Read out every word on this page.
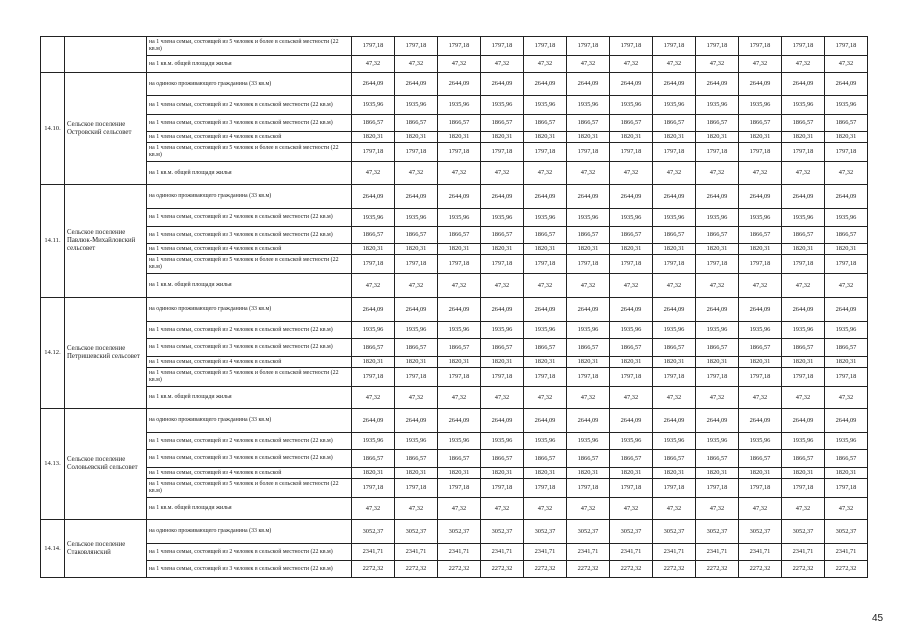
		на 1 члена семьи, состоящей из 5 человек и более в сельской местности (22 кв.м)	1797,18	1797,18	1797,18	1797,18	1797,18	1797,18	1797,18	1797,18	1797,18	1797,18	1797,18	1797,18
		на 1 кв.м. общей площади жилья	47,32	47,32	47,32	47,32	47,32	47,32	47,32	47,32	47,32	47,32	47,32	47,32
14.10.	Сельское поселение Островский сельсовет	на одиноко проживающего гражданина (33 кв.м)	2644,09	2644,09	2644,09	2644,09	2644,09	2644,09	2644,09	2644,09	2644,09	2644,09	2644,09	2644,09
		на 1 члена семьи, состоящей из 2 человек в сельской местности (22 кв.м)	1935,96	1935,96	1935,96	1935,96	1935,96	1935,96	1935,96	1935,96	1935,96	1935,96	1935,96	1935,96
		на 1 члена семьи, состоящей из 3 человек в сельской местности (22 кв.м)	1866,57	1866,57	1866,57	1866,57	1866,57	1866,57	1866,57	1866,57	1866,57	1866,57	1866,57	1866,57
		на 1 члена семьи, состоящей из 4 человек в сельской	1820,31	1820,31	1820,31	1820,31	1820,31	1820,31	1820,31	1820,31	1820,31	1820,31	1820,31	1820,31
		на 1 члена семьи, состоящей из 5 человек и более в сельской местности (22 кв.м)	1797,18	1797,18	1797,18	1797,18	1797,18	1797,18	1797,18	1797,18	1797,18	1797,18	1797,18	1797,18
		на 1 кв.м. общей площади жилья	47,32	47,32	47,32	47,32	47,32	47,32	47,32	47,32	47,32	47,32	47,32	47,32
14.11.	Сельское поселение Павлюк-Михайловский сельсовет	на одиноко проживающего гражданина (33 кв.м)	2644,09	2644,09	2644,09	2644,09	2644,09	2644,09	2644,09	2644,09	2644,09	2644,09	2644,09	2644,09
		на 1 члена семьи, состоящей из 2 человек в сельской местности (22 кв.м)	1935,96	1935,96	1935,96	1935,96	1935,96	1935,96	1935,96	1935,96	1935,96	1935,96	1935,96	1935,96
		на 1 члена семьи, состоящей из 3 человек в сельской местности (22 кв.м)	1866,57	1866,57	1866,57	1866,57	1866,57	1866,57	1866,57	1866,57	1866,57	1866,57	1866,57	1866,57
		на 1 члена семьи, состоящей из 4 человек в сельской	1820,31	1820,31	1820,31	1820,31	1820,31	1820,31	1820,31	1820,31	1820,31	1820,31	1820,31	1820,31
		на 1 члена семьи, состоящей из 5 человек и более в сельской местности (22 кв.м)	1797,18	1797,18	1797,18	1797,18	1797,18	1797,18	1797,18	1797,18	1797,18	1797,18	1797,18	1797,18
		на 1 кв.м. общей площади жилья	47,32	47,32	47,32	47,32	47,32	47,32	47,32	47,32	47,32	47,32	47,32	47,32
14.12.	Сельское поселение Петришевский сельсовет	на одиноко проживающего гражданина (33 кв.м)	2644,09	2644,09	2644,09	2644,09	2644,09	2644,09	2644,09	2644,09	2644,09	2644,09	2644,09	2644,09
		на 1 члена семьи, состоящей из 2 человек в сельской местности (22 кв.м)	1935,96	1935,96	1935,96	1935,96	1935,96	1935,96	1935,96	1935,96	1935,96	1935,96	1935,96	1935,96
		на 1 члена семьи, состоящей из 3 человек в сельской местности (22 кв.м)	1866,57	1866,57	1866,57	1866,57	1866,57	1866,57	1866,57	1866,57	1866,57	1866,57	1866,57	1866,57
		на 1 члена семьи, состоящей из 4 человек в сельской	1820,31	1820,31	1820,31	1820,31	1820,31	1820,31	1820,31	1820,31	1820,31	1820,31	1820,31	1820,31
		на 1 члена семьи, состоящей из 5 человек и более в сельской местности (22 кв.м)	1797,18	1797,18	1797,18	1797,18	1797,18	1797,18	1797,18	1797,18	1797,18	1797,18	1797,18	1797,18
		на 1 кв.м. общей площади жилья	47,32	47,32	47,32	47,32	47,32	47,32	47,32	47,32	47,32	47,32	47,32	47,32
14.13.	Сельское поселение Соловьевский сельсовет	на одиноко проживающего гражданина (33 кв.м)	2644,09	2644,09	2644,09	2644,09	2644,09	2644,09	2644,09	2644,09	2644,09	2644,09	2644,09	2644,09
		на 1 члена семьи, состоящей из 2 человек в сельской местности (22 кв.м)	1935,96	1935,96	1935,96	1935,96	1935,96	1935,96	1935,96	1935,96	1935,96	1935,96	1935,96	1935,96
		на 1 члена семьи, состоящей из 3 человек в сельской местности (22 кв.м)	1866,57	1866,57	1866,57	1866,57	1866,57	1866,57	1866,57	1866,57	1866,57	1866,57	1866,57	1866,57
		на 1 члена семьи, состоящей из 4 человек в сельской	1820,31	1820,31	1820,31	1820,31	1820,31	1820,31	1820,31	1820,31	1820,31	1820,31	1820,31	1820,31
		на 1 члена семьи, состоящей из 5 человек и более в сельской местности (22 кв.м)	1797,18	1797,18	1797,18	1797,18	1797,18	1797,18	1797,18	1797,18	1797,18	1797,18	1797,18	1797,18
		на 1 кв.м. общей площади жилья	47,32	47,32	47,32	47,32	47,32	47,32	47,32	47,32	47,32	47,32	47,32	47,32
14.14.	Сельское поселение Стаковлянский	на одиноко проживающего гражданина (33 кв.м)	3052,37	3052,37	3052,37	3052,37	3052,37	3052,37	3052,37	3052,37	3052,37	3052,37	3052,37	3052,37
		на 1 члена семьи, состоящей из 2 человек в сельской местности (22 кв.м)	2341,71	2341,71	2341,71	2341,71	2341,71	2341,71	2341,71	2341,71	2341,71	2341,71	2341,71	2341,71
		на 1 члена семьи, состоящей из 3 человек в сельской местности (22 кв.м)	2272,32	2272,32	2272,32	2272,32	2272,32	2272,32	2272,32	2272,32	2272,32	2272,32	2272,32	2272,32
45
